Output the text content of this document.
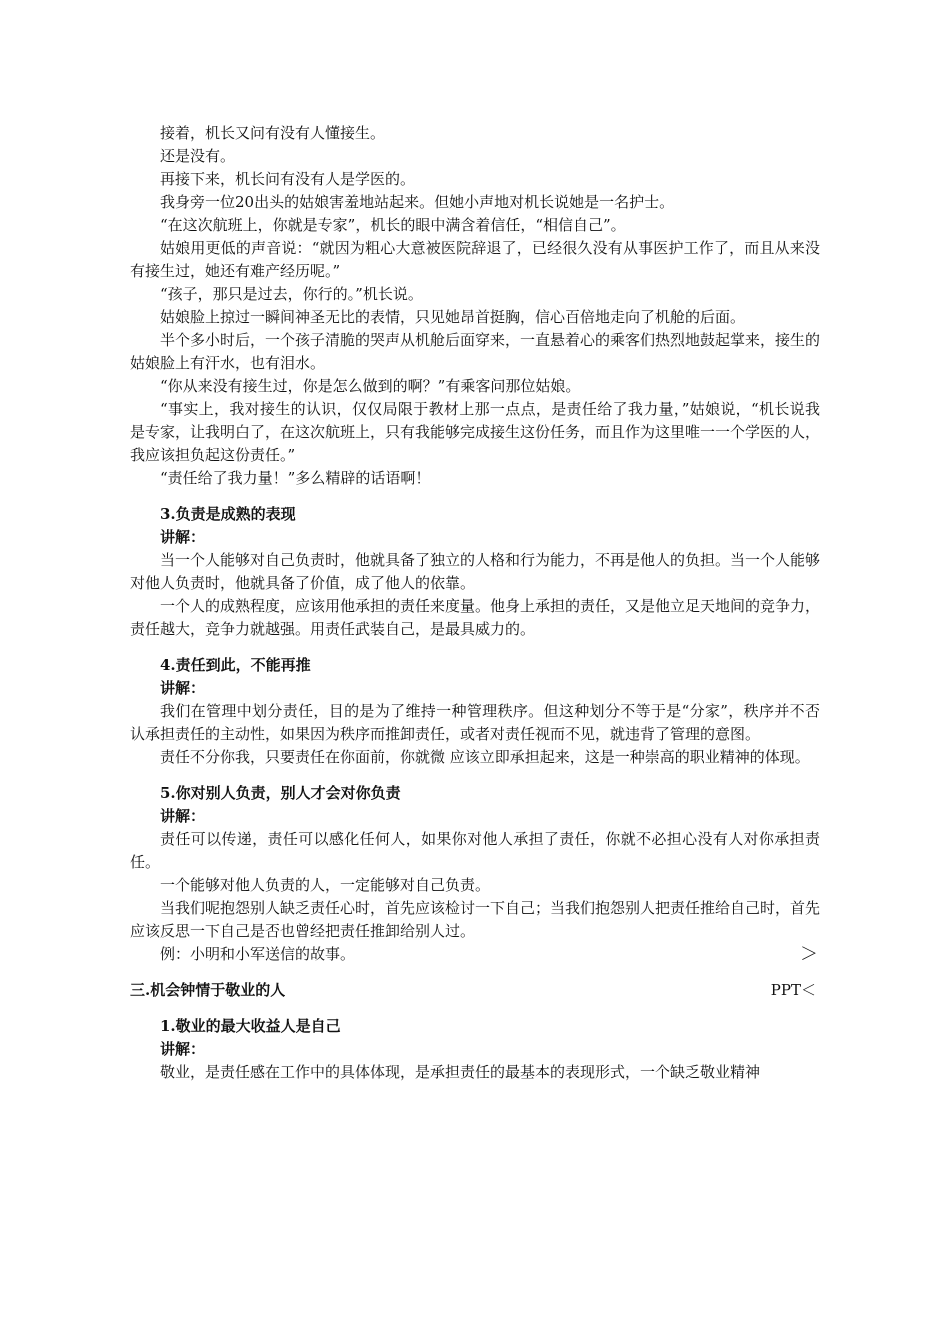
接着，机长又问有没有人懂接生。

还是没有。

再接下来，机长问有没有人是学医的。

我身旁一位20出头的姑娘害羞地站起来。但她小声地对机长说她是一名护士。

“在这次航班上，你就是专家”，机长的眼中满含着信任，“相信自己”。

姑娘用更低的声音说：“就因为粗心大意被医院辞退了，已经很久没有从事医护工作了，而且从来没有接生过，她还有难产经历呢。”

“孩子，那只是过去，你行的。”机长说。

姑娘脸上掠过一瞬间神圣无比的表情，只见她昂首挺胸，信心百倍地走向了机舱的后面。

半个多小时后，一个孩子清脆的哭声从机舱后面穿来，一直悬着心的乘客们热烈地鼓起掌来，接生的姑娘脸上有汗水，也有泪水。

“你从来没有接生过，你是怎么做到的啊？”有乘客问那位姑娘。

“事实上，我对接生的认识，仅仅局限于教材上那一点点，是责任给了我力量，”姑娘说，“机长说我是专家，让我明白了，在这次航班上，只有我能够完成接生这份任务，而且作为这里唯一一个学医的人，我应该担负起这份责任。”

“责任给了我力量！”多么精辟的话语啊！

3.负责是成熟的表现

讲解：

当一个人能够对自己负责时，他就具备了独立的人格和行为能力，不再是他人的负担。当一个人能够对他人负责时，他就具备了价值，成了他人的依靠。

一个人的成熟程度，应该用他承担的责任来度量。他身上承担的责任，又是他立足天地间的竞争力，责任越大，竞争力就越强。用责任武装自己，是最具威力的。

4.责任到此，不能再推

讲解：

我们在管理中划分责任，目的是为了维持一种管理秩序。但这种划分不等于是“分家”，秩序并不否认承担责任的主动性，如果因为秩序而推卸责任，或者对责任视而不见，就违背了管理的意图。

责任不分你我，只要责任在你面前，你就微 应该立即承担起来，这是一种崇高的职业精神的体现。

5.你对别人负责，别人才会对你负责

讲解：

责任可以传递，责任可以感化任何人，如果你对他人承担了责任，你就不必担心没有人对你承担责任。

一个能够对他人负责的人，一定能够对自己负责。

当我们呢抱怨别人缺乏责任心时，首先应该检讨一下自己；当我们抱怨别人把责任推给自己时，首先应该反思一下自己是否也曾经把责任推卸给别人过。

例：小明和小军送信的故事。	＞
三.机会钟情于敬业的人	PPT＜

1.敬业的最大收益人是自己

讲解：

敬业，是责任感在工作中的具体体现，是承担责任的最基本的表现形式，一个缺乏敬业精神
